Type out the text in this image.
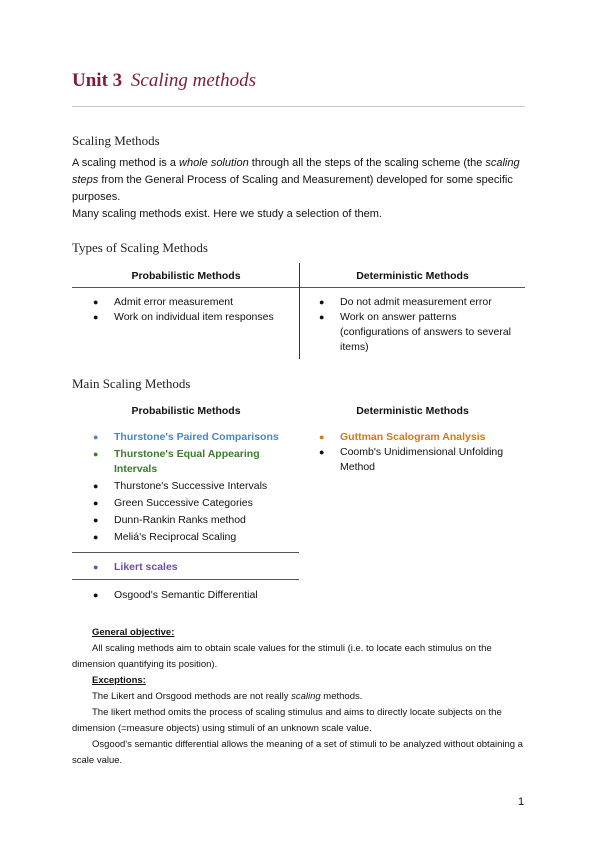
Unit 3 Scaling methods
Scaling Methods

A scaling method is a whole solution through all the steps of the scaling scheme (the scaling steps from the General Process of Scaling and Measurement) developed for some specific purposes.

Many scaling methods exist. Here we study a selection of them.

Types of Scaling Methods
Probabilistic Methods	Deterministic Methods
● Admit error measurement
● Work on individual item responses
● Do not admit measurement error
● Work on answer patterns (configurations of answers to several items)
Main Scaling Methods
Probabilistic Methods	Deterministic Methods
● Thurstone's Paired Comparisons
● Thurstone's Equal Appearing Intervals
● Thurstone's Successive Intervals
● Green Successive Categories
● Dunn-Rankin Ranks method
● Meliá's Reciprocal Scaling
● Likert scales
● Osgood's Semantic Differential
● Guttman Scalogram Analysis
● Coomb's Unidimensional Unfolding Method
General objective:
All scaling methods aim to obtain scale values for the stimuli (i.e. to locate each stimulus on the dimension quantifying its position).
Exceptions:
The Likert and Orsgood methods are not really scaling methods.
The likert method omits the process of scaling stimulus and aims to directly locate subjects on the dimension (=measure objects) using stimuli of an unknown scale value.
Osgood's semantic differential allows the meaning of a set of stimuli to be analyzed without obtaining a scale value.
1
